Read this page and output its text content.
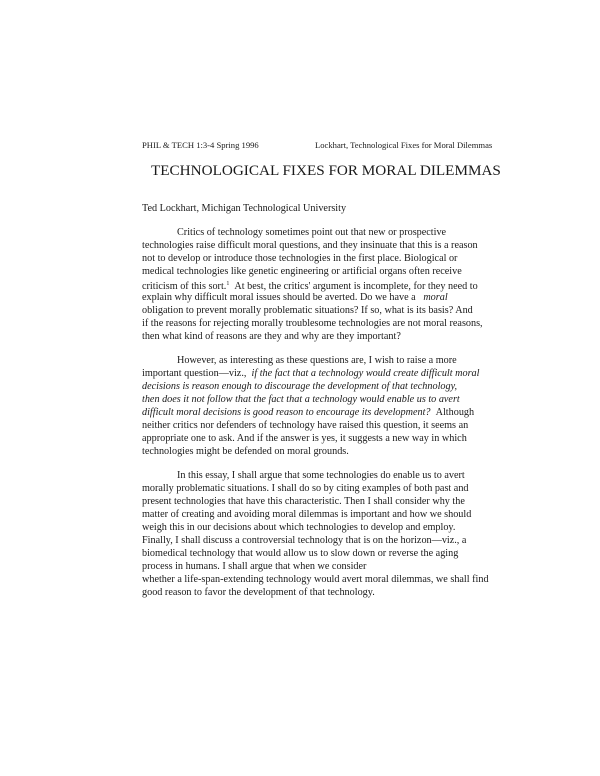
PHIL & TECH 1:3-4 Spring 1996	Lockhart, Technological Fixes for Moral Dilemmas
TECHNOLOGICAL FIXES FOR MORAL DILEMMAS
Ted Lockhart, Michigan Technological University
Critics of technology sometimes point out that new or prospective
technologies raise difficult moral questions, and they insinuate that this is a reason
not to develop or introduce those technologies in the first place. Biological or
medical technologies like genetic engineering or artificial organs often receive
criticism of this sort.$^1$ At best, the critics' argument is incomplete, for they need to
explain why difficult moral issues should be averted. Do we have a moral
obligation to prevent morally problematic situations? If so, what is its basis? And
if the reasons for rejecting morally troublesome technologies are not moral reasons,
then what kind of reasons are they and why are they important?
However, as interesting as these questions are, I wish to raise a more
important question—viz., if the fact that a technology would create difficult moral
decisions is reason enough to discourage the development of that technology,
then does it not follow that the fact that a technology would enable us to avert
difficult moral decisions is good reason to encourage its development? Although
neither critics nor defenders of technology have raised this question, it seems an
appropriate one to ask. And if the answer is yes, it suggests a new way in which
technologies might be defended on moral grounds.
In this essay, I shall argue that some technologies do enable us to avert
morally problematic situations. I shall do so by citing examples of both past and
present technologies that have this characteristic. Then I shall consider why the
matter of creating and avoiding moral dilemmas is important and how we should
weigh this in our decisions about which technologies to develop and employ.
Finally, I shall discuss a controversial technology that is on the horizon—viz., a
biomedical technology that would allow us to slow down or reverse the aging
process in humans. I shall argue that when we consider
whether a life-span-extending technology would avert moral dilemmas, we shall find
good reason to favor the development of that technology.
